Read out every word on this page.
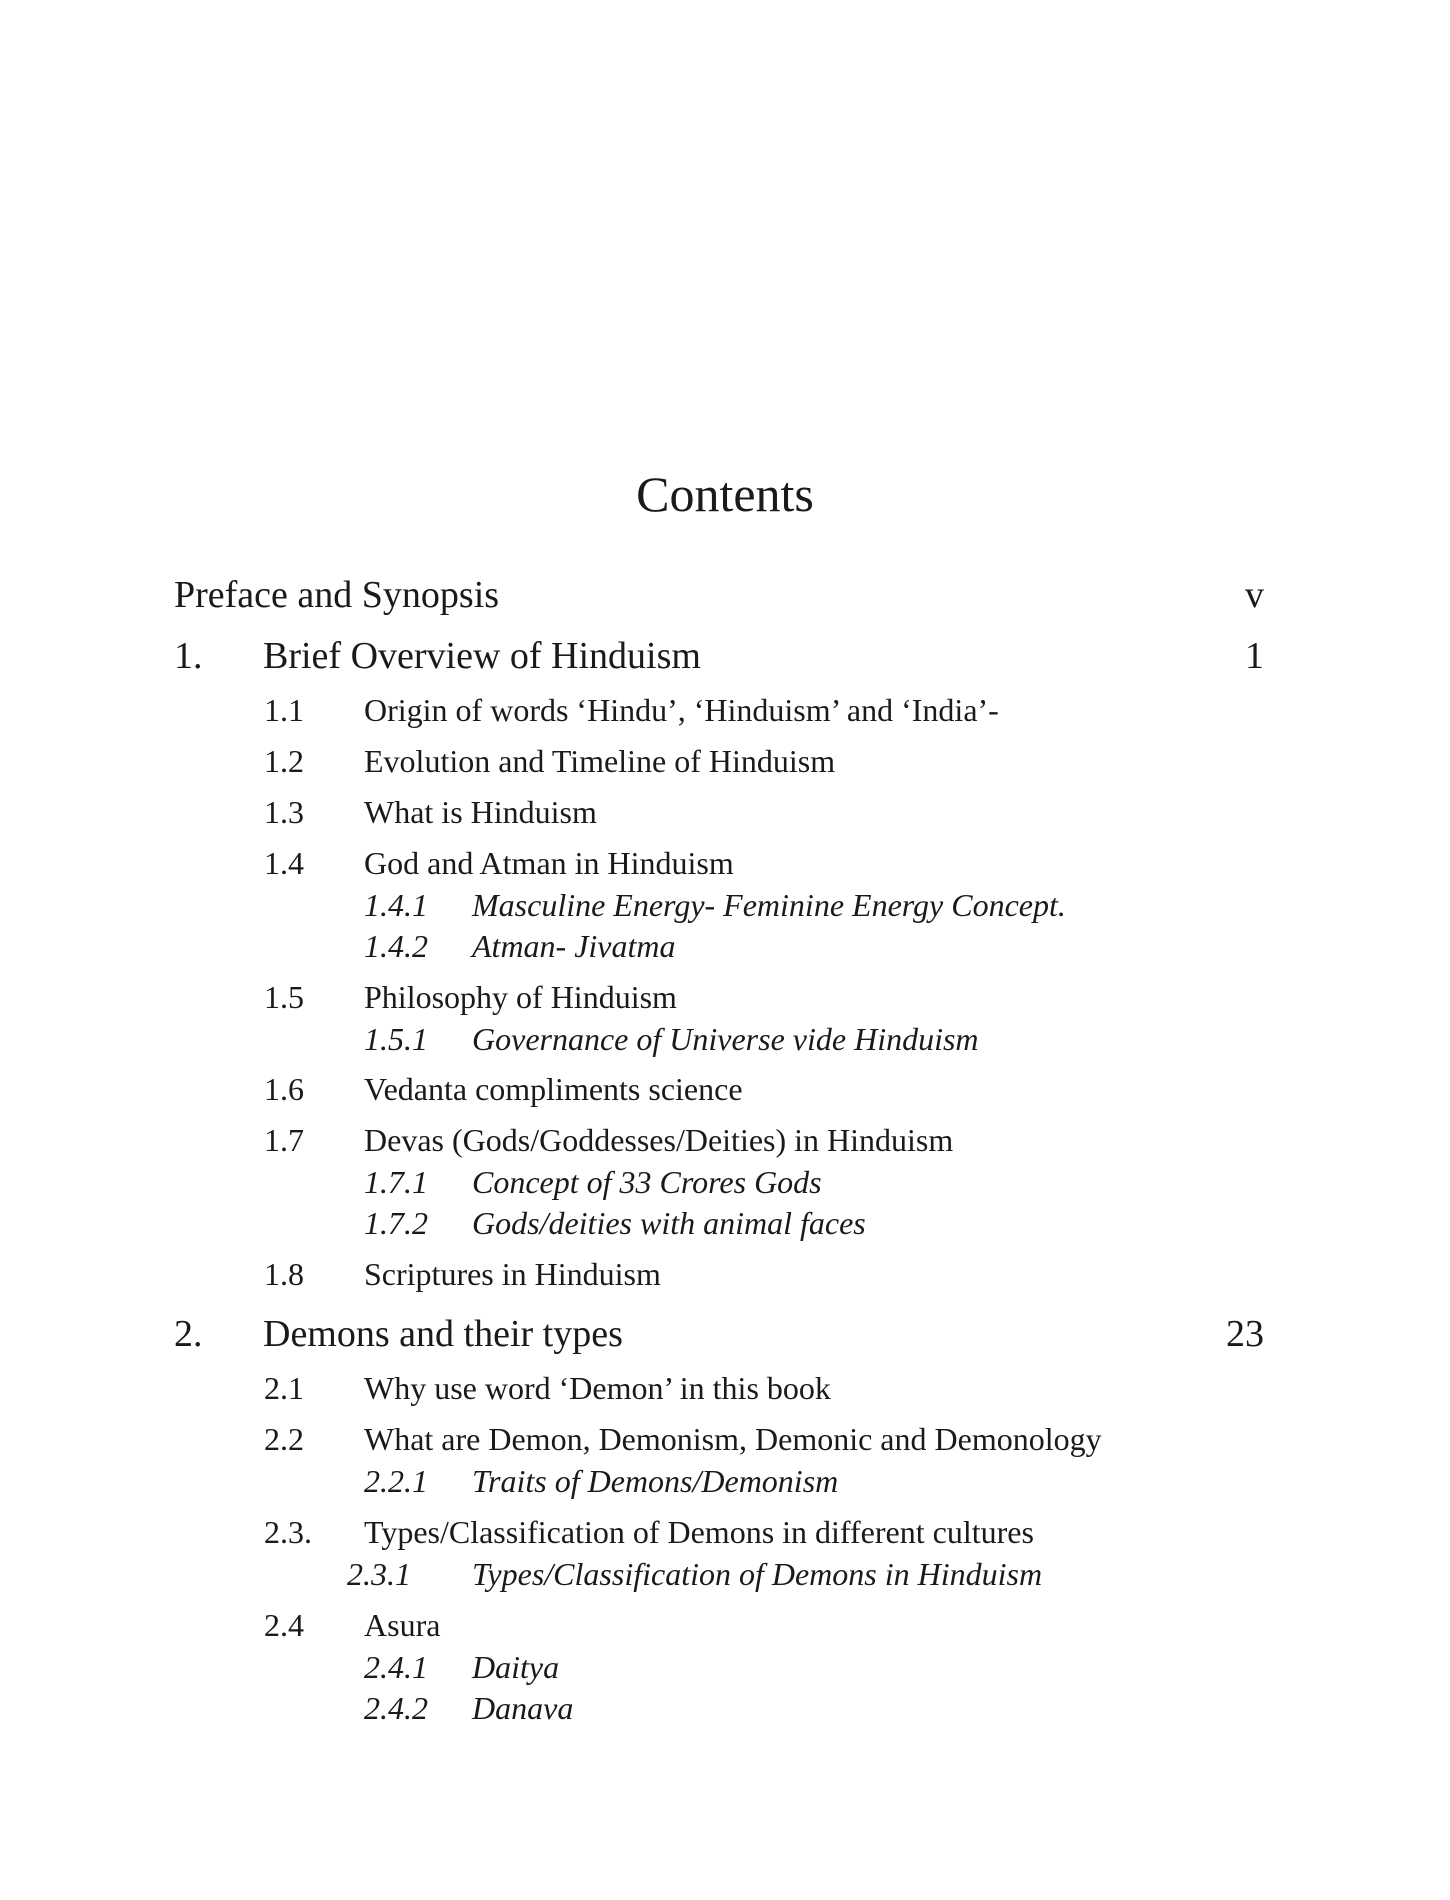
Contents
Preface and Synopsis	v
1. Brief Overview of Hinduism	1
1.1 Origin of words ‘Hindu’, ‘Hinduism’ and ‘India’-
1.2 Evolution and Timeline of Hinduism
1.3 What is Hinduism
1.4 God and Atman in Hinduism
1.4.1 Masculine Energy- Feminine Energy Concept.
1.4.2 Atman- Jivatma
1.5 Philosophy of Hinduism
1.5.1 Governance of Universe vide Hinduism
1.6 Vedanta compliments science
1.7 Devas (Gods/Goddesses/Deities) in Hinduism
1.7.1 Concept of 33 Crores Gods
1.7.2 Gods/deities with animal faces
1.8 Scriptures in Hinduism
2. Demons and their types	23
2.1 Why use word ‘Demon’ in this book
2.2 What are Demon, Demonism, Demonic and Demonology
2.2.1 Traits of Demons/Demonism
2.3. Types/Classification of Demons in different cultures
2.3.1 Types/Classification of Demons in Hinduism
2.4 Asura
2.4.1 Daitya
2.4.2 Danava
